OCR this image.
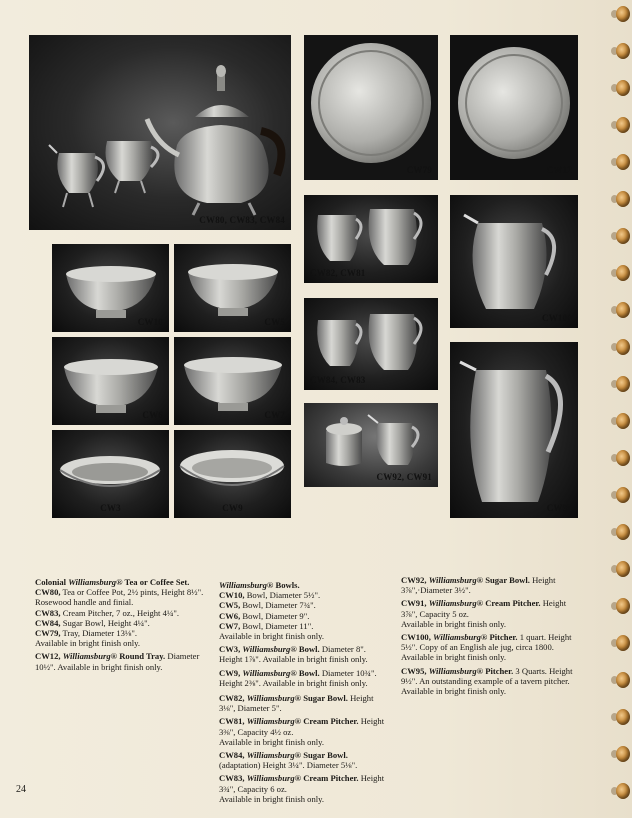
CW80, CW83, CW84
CW79	CW12
CW10	CW5
CW82, CW81
CW100
CW6	CW7
CW84, CW83
CW3	CW9
CW92, CW91
CW95

Colonial Williamsburg® Tea or Coffee Set.
CW80, Tea or Coffee Pot, 2½ pints, Height 8½". Rosewood handle and finial.
CW83, Cream Pitcher, 7 oz., Height 4¼".
CW84, Sugar Bowl, Height 4¼".
CW79, Tray, Diameter 13⅛".
Available in bright finish only.

CW12, Williamsburg® Round Tray. Diameter 10½". Available in bright finish only.

Williamsburg® Bowls.
CW10, Bowl, Diameter 5½".
CW5, Bowl, Diameter 7¾".
CW6, Bowl, Diameter 9".
CW7, Bowl, Diameter 11".
Available in bright finish only.

CW3, Williamsburg® Bowl. Diameter 8". Height 1⅞". Available in bright finish only.

CW9, Williamsburg® Bowl. Diameter 10¾". Height 2⅜". Available in bright finish only.

CW82, Williamsburg® Sugar Bowl. Height 3⅛", Diameter 5".

CW81, Williamsburg® Cream Pitcher. Height 3⅜", Capacity 4½ oz.
Available in bright finish only.

CW84, Williamsburg® Sugar Bowl.
(adaptation) Height 3¼". Diameter 5⅛".

CW83, Williamsburg® Cream Pitcher. Height 3¾", Capacity 6 oz.
Available in bright finish only.

CW92, Williamsburg® Sugar Bowl. Height 3⅞",·Diameter 3½".

CW91, Williamsburg® Cream Pitcher. Height 3⅞", Capacity 5 oz.
Available in bright finish only.

CW100, Williamsburg® Pitcher. 1 quart. Height 5½". Copy of an English ale jug, circa 1800. Available in bright finish only.

CW95, Williamsburg® Pitcher. 3 Quarts. Height 9½". An outstanding example of a tavern pitcher. Available in bright finish only.

24
